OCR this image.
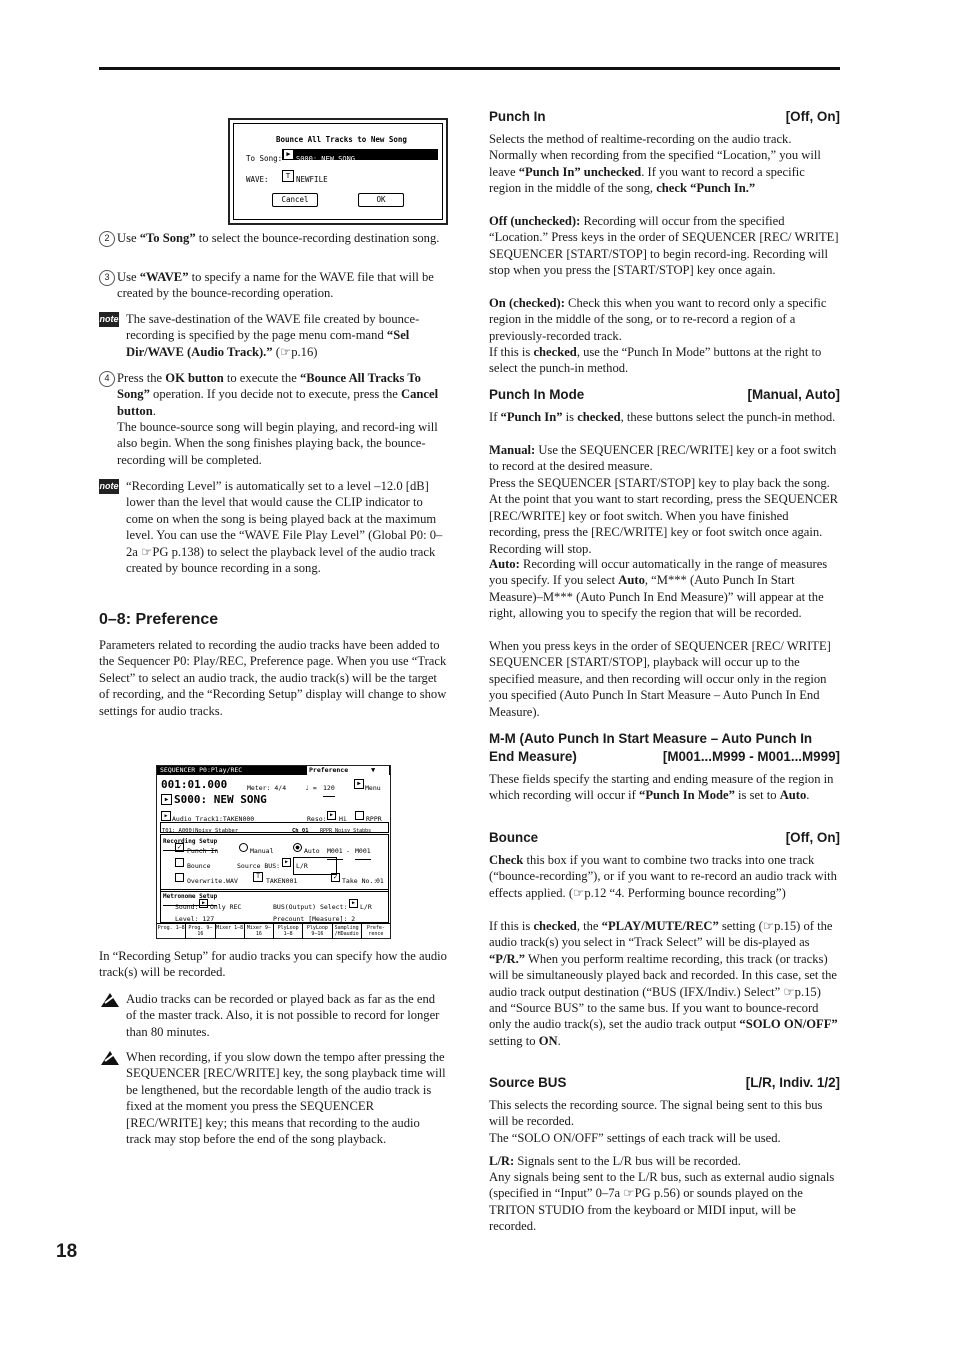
Bounce All Tracks to New Song
To Song: ▶
S000: NEW SONG
WAVE:	T NEWFILE
Cancel	OK
2 Use “To Song” to select the bounce-recording destination song.

3 Use “WAVE” to specify a name for the WAVE file that will be created by the bounce-recording operation.

note The save-destination of the WAVE file created by bounce-recording is specified by the page menu com-mand “Sel Dir/WAVE (Audio Track).” (☞p.16)

4 Press the OK button to execute the “Bounce All Tracks To Song” operation. If you decide not to execute, press the Cancel button.

The bounce-source song will begin playing, and record-ing will also begin. When the song finishes playing back, the bounce-recording will be completed.

note “Recording Level” is automatically set to a level –12.0 [dB] lower than the level that would cause the CLIP indicator to come on when the song is being played back at the maximum level. You can use the “WAVE File Play Level” (Global P0: 0–2a ☞PG p.138) to select the playback level of the audio track created by bounce recording in a song.

0–8: Preference

Parameters related to recording the audio tracks have been added to the Sequencer P0: Play/REC, Preference page. When you use “Track Select” to select an audio track, the audio track(s) will be the target of recording, and the “Recording Setup” display will change to show settings for audio tracks.

In “Recording Setup” for audio tracks you can specify how the audio track(s) will be recorded.

Audio tracks can be recorded or played back as far as the end of the master track. Also, it is not possible to record for longer than 80 minutes.

When recording, if you slow down the tempo after pressing the SEQUENCER [REC/WRITE] key, the song playback time will be lengthened, but the recordable length of the audio track is fixed at the moment you press the SEQUENCER [REC/WRITE] key; this means that recording to the audio track may stop before the end of the song playback.

SEQUENCER P0:Play/REC	Preference	▼
001:01.000	Meter: 4/4	♩ = 120
▶
Menu
▶ S000: NEW SONG
▶ Audio Track1:TAKEN000	Reso: ▶ Hi	RPPR
T01: A000(Noisy Stabber	Ch 01 RPPR Noisy Stabbs
Recording Setup
✓ Punch In	Manual	Auto M001 - M001
Bounce	Source BUS: ▶	L/R
Overwrite.WAV
T
TAKEN001	✓ Take No.:
01
Metronome Setup
Sound: ▶ Only REC	BUS(Output) Select: ▶ L/R
Level: 127	Precount [Measure]: 2
Prog. 1–8 Prog. 9–16
Mixer 1–8 Mixer 9–16
PlyLoop 1–8
PlyLoop 9–16
Sampling /HDaudio
Prefe- rence
Punch In	[Off, On]

Selects the method of realtime-recording on the audio track. Normally when recording from the specified “Location,” you will leave “Punch In” unchecked. If you want to record a specific region in the middle of the song, check “Punch In.”

Off (unchecked): Recording will occur from the specified “Location.” Press keys in the order of SEQUENCER [REC/ WRITE] SEQUENCER [START/STOP] to begin record-ing. Recording will stop when you press the [START/STOP] key once again.

On (checked): Check this when you want to record only a specific region in the middle of the song, or to re-record a region of a previously-recorded track.

If this is checked, use the “Punch In Mode” buttons at the right to select the punch-in method.

Punch In Mode	[Manual, Auto]

If “Punch In” is checked, these buttons select the punch-in method.

Manual: Use the SEQUENCER [REC/WRITE] key or a foot switch to record at the desired measure.

Press the SEQUENCER [START/STOP] key to play back the song. At the point that you want to start recording, press the SEQUENCER [REC/WRITE] key or foot switch. When you have finished recording, press the [REC/WRITE] key or foot switch once again. Recording will stop.

Auto: Recording will occur automatically in the range of measures you specify. If you select Auto, “M*** (Auto Punch In Start Measure)–M*** (Auto Punch In End Measure)” will appear at the right, allowing you to specify the region that will be recorded.

When you press keys in the order of SEQUENCER [REC/ WRITE] SEQUENCER [START/STOP], playback will occur up to the specified measure, and then recording will occur only in the region you specified (Auto Punch In Start Measure – Auto Punch In End Measure).

M-M (Auto Punch In Start Measure – Auto Punch In
End Measure)	[M001...M999 - M001...M999]

These fields specify the starting and ending measure of the region in which recording will occur if “Punch In Mode” is set to Auto.

Bounce	[Off, On]

Check this box if you want to combine two tracks into one track (“bounce-recording”), or if you want to re-record an audio track with effects applied. (☞p.12 “4. Performing bounce recording”)

If this is checked, the “PLAY/MUTE/REC” setting (☞p.15) of the audio track(s) you select in “Track Select” will be dis-played as “P/R.” When you perform realtime recording, this track (or tracks) will be simultaneously played back and recorded. In this case, set the audio track output destination (“BUS (IFX/Indiv.) Select” ☞p.15) and “Source BUS” to the same bus. If you want to bounce-record only the audio track(s), set the audio track output “SOLO ON/OFF” setting to ON.

Source BUS	[L/R, Indiv. 1/2]

This selects the recording source. The signal being sent to this bus will be recorded.

The “SOLO ON/OFF” settings of each track will be used.

L/R: Signals sent to the L/R bus will be recorded.

Any signals being sent to the L/R bus, such as external audio signals (specified in “Input” 0–7a ☞PG p.56) or sounds played on the TRITON STUDIO from the keyboard or MIDI input, will be recorded.

18
